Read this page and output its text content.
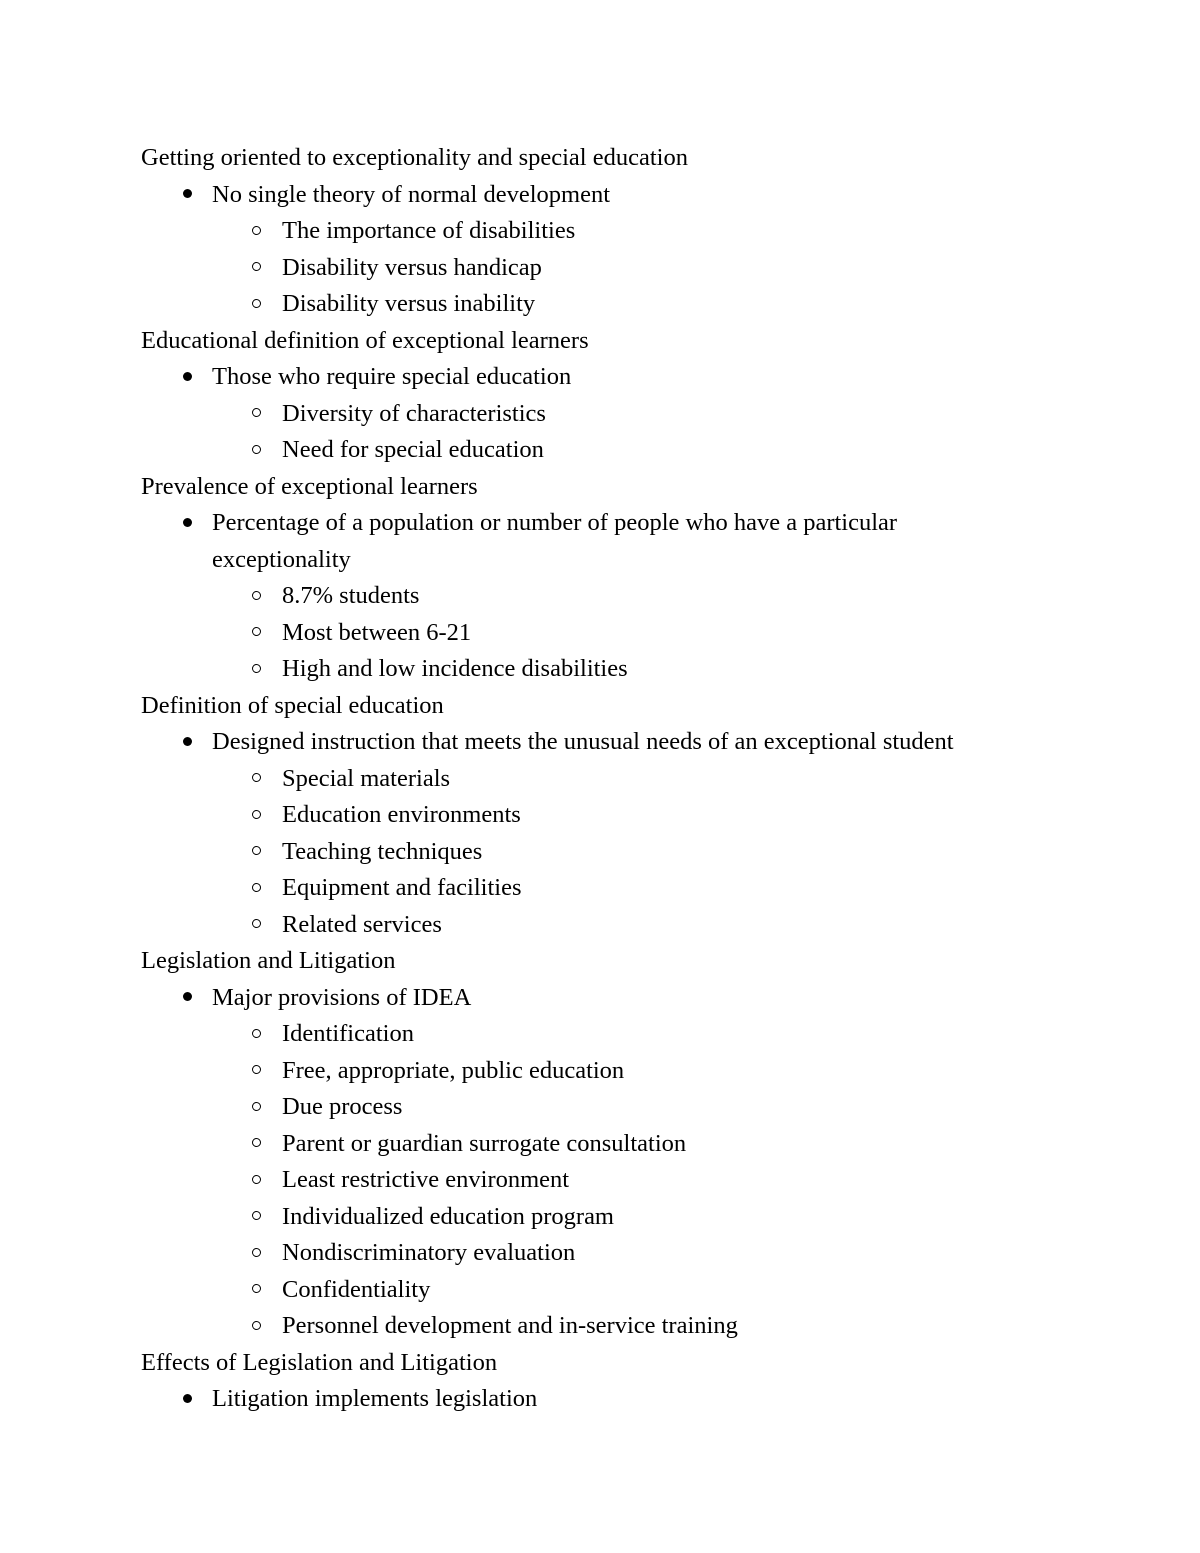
Getting oriented to exceptionality and special education
No single theory of normal development
The importance of disabilities
Disability versus handicap
Disability versus inability
Educational definition of exceptional learners
Those who require special education
Diversity of characteristics
Need for special education
Prevalence of exceptional learners
Percentage of a population or number of people who have a particular exceptionality
8.7% students
Most between 6-21
High and low incidence disabilities
Definition of special education
Designed instruction that meets the unusual needs of an exceptional student
Special materials
Education environments
Teaching techniques
Equipment and facilities
Related services
Legislation and Litigation
Major provisions of IDEA
Identification
Free, appropriate, public education
Due process
Parent or guardian surrogate consultation
Least restrictive environment
Individualized education program
Nondiscriminatory evaluation
Confidentiality
Personnel development and in-service training
Effects of Legislation and Litigation
Litigation implements legislation
